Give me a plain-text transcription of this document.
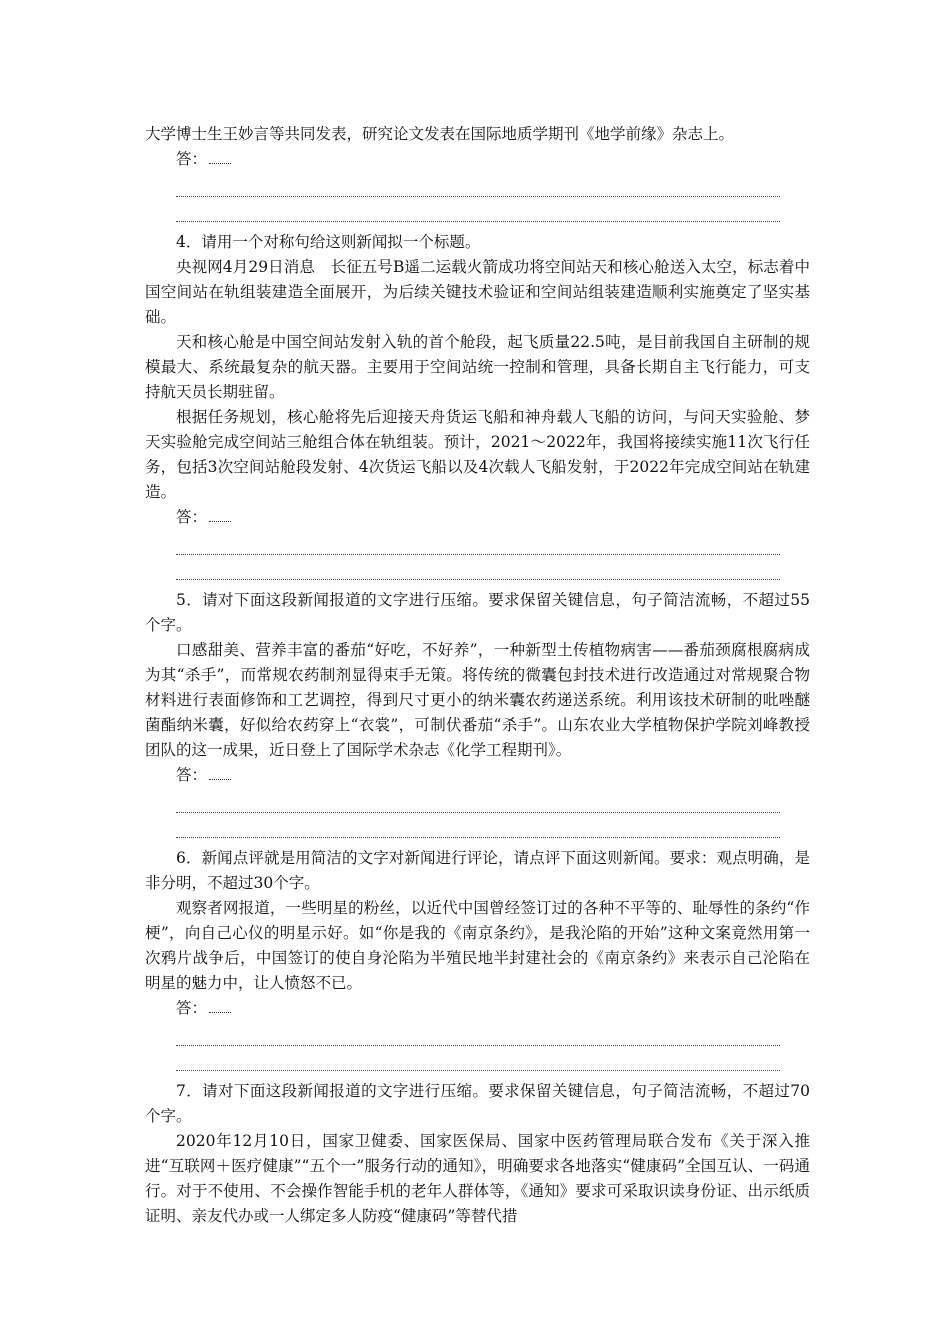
大学博士生王妙言等共同发表，研究论文发表在国际地质学期刊《地学前缘》杂志上。

答：

4．请用一个对称句给这则新闻拟一个标题。

央视网4月29日消息　长征五号B遥二运载火箭成功将空间站天和核心舱送入太空，标志着中国空间站在轨组装建造全面展开，为后续关键技术验证和空间站组装建造顺利实施奠定了坚实基础。

天和核心舱是中国空间站发射入轨的首个舱段，起飞质量22.5吨，是目前我国自主研制的规模最大、系统最复杂的航天器。主要用于空间站统一控制和管理，具备长期自主飞行能力，可支持航天员长期驻留。

根据任务规划，核心舱将先后迎接天舟货运飞船和神舟载人飞船的访问，与问天实验舱、梦天实验舱完成空间站三舱组合体在轨组装。预计，2021～2022年，我国将接续实施11次飞行任务，包括3次空间站舱段发射、4次货运飞船以及4次载人飞船发射，于2022年完成空间站在轨建造。

答：

5．请对下面这段新闻报道的文字进行压缩。要求保留关键信息，句子简洁流畅，不超过55个字。

口感甜美、营养丰富的番茄“好吃，不好养”，一种新型土传植物病害——番茄颈腐根腐病成为其“杀手”，而常规农药制剂显得束手无策。将传统的微囊包封技术进行改造通过对常规聚合物材料进行表面修饰和工艺调控，得到尺寸更小的纳米囊农药递送系统。利用该技术研制的吡唑醚菌酯纳米囊，好似给农药穿上“衣裳”，可制伏番茄“杀手”。山东农业大学植物保护学院刘峰教授团队的这一成果，近日登上了国际学术杂志《化学工程期刊》。

答：

6．新闻点评就是用简洁的文字对新闻进行评论，请点评下面这则新闻。要求：观点明确，是非分明，不超过30个字。

观察者网报道，一些明星的粉丝，以近代中国曾经签订过的各种不平等的、耻辱性的条约“作梗”，向自己心仪的明星示好。如“你是我的《南京条约》，是我沦陷的开始”这种文案竟然用第一次鸦片战争后，中国签订的使自身沦陷为半殖民地半封建社会的《南京条约》来表示自己沦陷在明星的魅力中，让人愤怒不已。

答：

7．请对下面这段新闻报道的文字进行压缩。要求保留关键信息，句子简洁流畅，不超过70个字。

2020年12月10日，国家卫健委、国家医保局、国家中医药管理局联合发布《关于深入推进“互联网＋医疗健康”“五个一”服务行动的通知》，明确要求各地落实“健康码”全国互认、一码通行。对于不使用、不会操作智能手机的老年人群体等，《通知》要求可采取识读身份证、出示纸质证明、亲友代办或一人绑定多人防疫“健康码”等替代措
